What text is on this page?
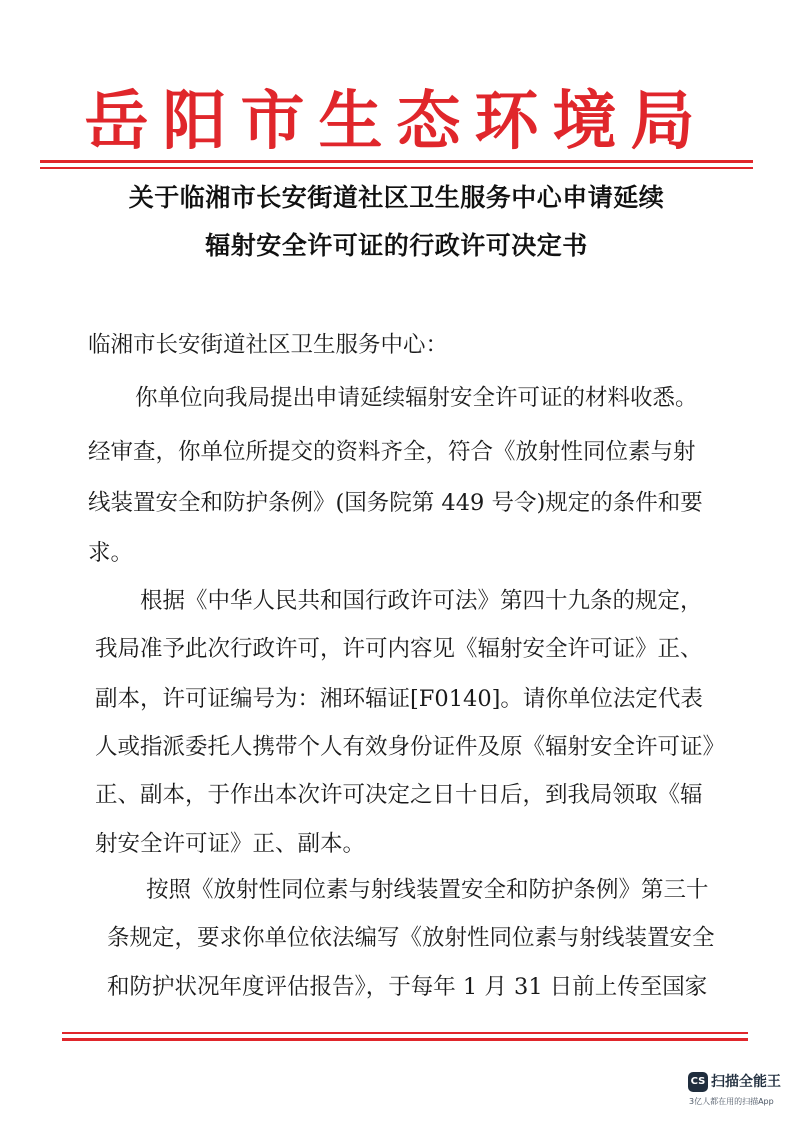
岳阳市生态环境局
关于临湘市长安街道社区卫生服务中心申请延续
辐射安全许可证的行政许可决定书
临湘市长安街道社区卫生服务中心：
你单位向我局提出申请延续辐射安全许可证的材料收悉。
经审查，你单位所提交的资料齐全，符合《放射性同位素与射
线装置安全和防护条例》(国务院第 449 号令)规定的条件和要
求。
根据《中华人民共和国行政许可法》第四十九条的规定，
我局准予此次行政许可，许可内容见《辐射安全许可证》正、
副本，许可证编号为：湘环辐证[F0140]。请你单位法定代表
人或指派委托人携带个人有效身份证件及原《辐射安全许可证》
正、副本，于作出本次许可决定之日十日后，到我局领取《辐
射安全许可证》正、副本。
按照《放射性同位素与射线装置安全和防护条例》第三十
条规定，要求你单位依法编写《放射性同位素与射线装置安全
和防护状况年度评估报告》，于每年 1 月 31 日前上传至国家
CS 扫描全能王
3亿人都在用的扫描App
